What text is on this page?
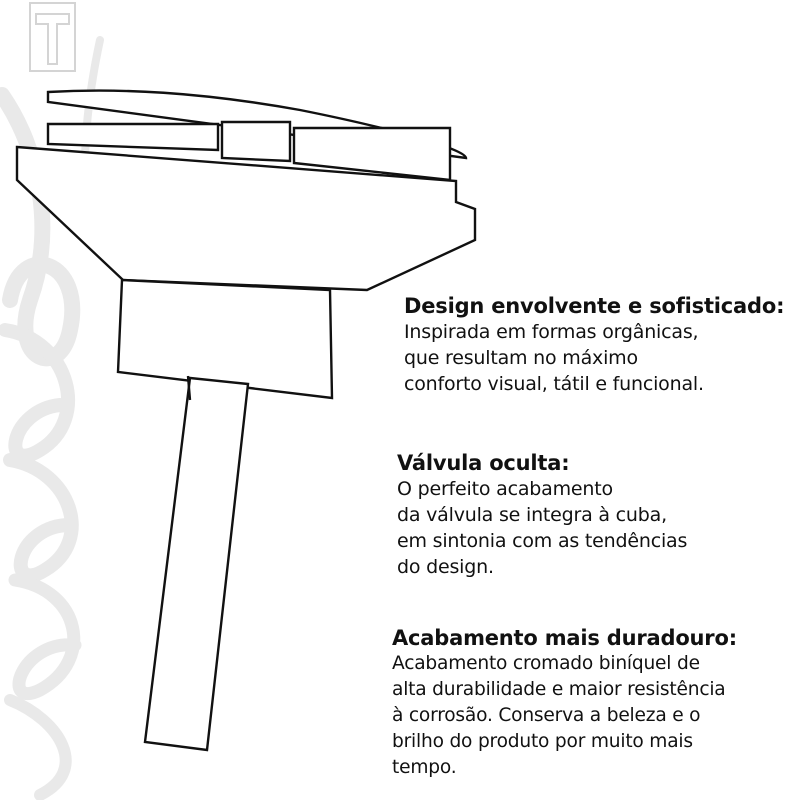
Design envolvente e sofisticado:
Inspirada em formas orgânicas,
que resultam no máximo
conforto visual, tátil e funcional.
Válvula oculta:
O perfeito acabamento
da válvula se integra à cuba,
em sintonia com as tendências
do design.
Acabamento mais duradouro:
Acabamento cromado biníquel de
alta durabilidade e maior resistência
à corrosão. Conserva a beleza e o
brilho do produto por muito mais
tempo.
